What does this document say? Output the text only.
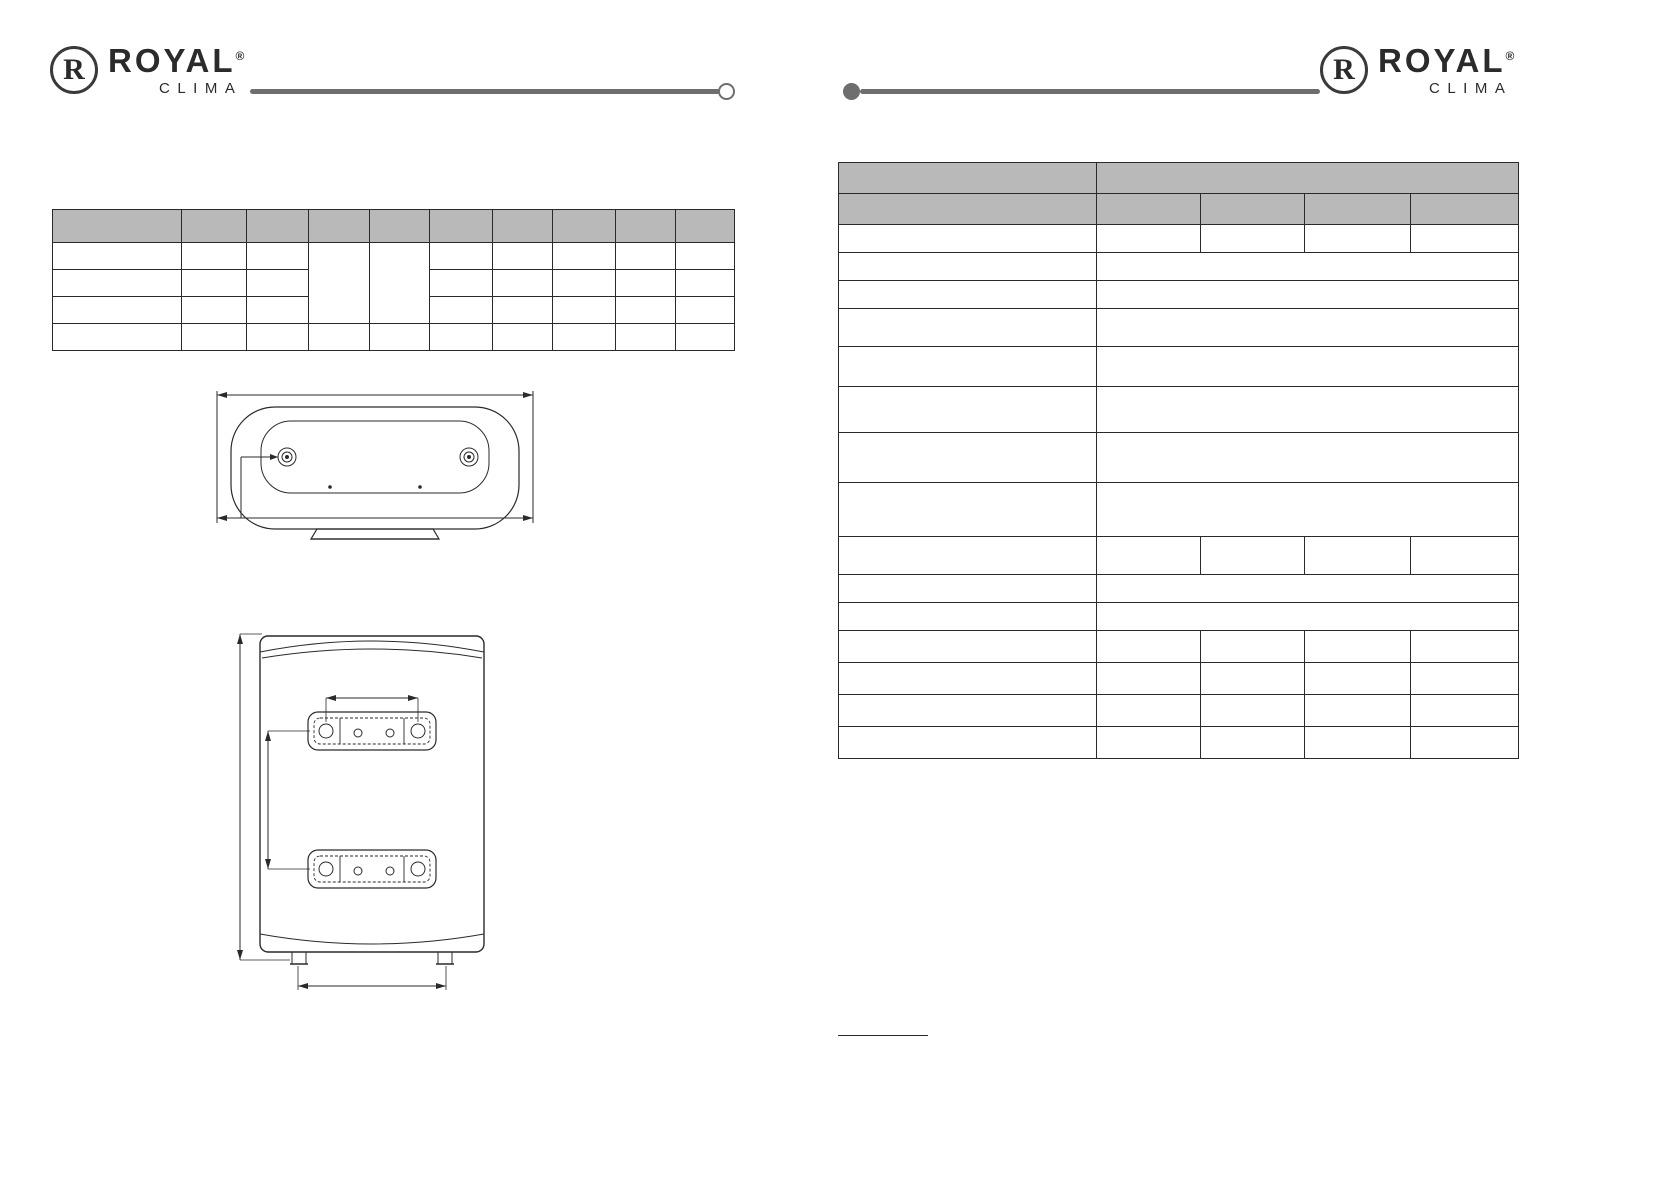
R ROYAL®
CLIMA
R ROYAL®
CLIMA
